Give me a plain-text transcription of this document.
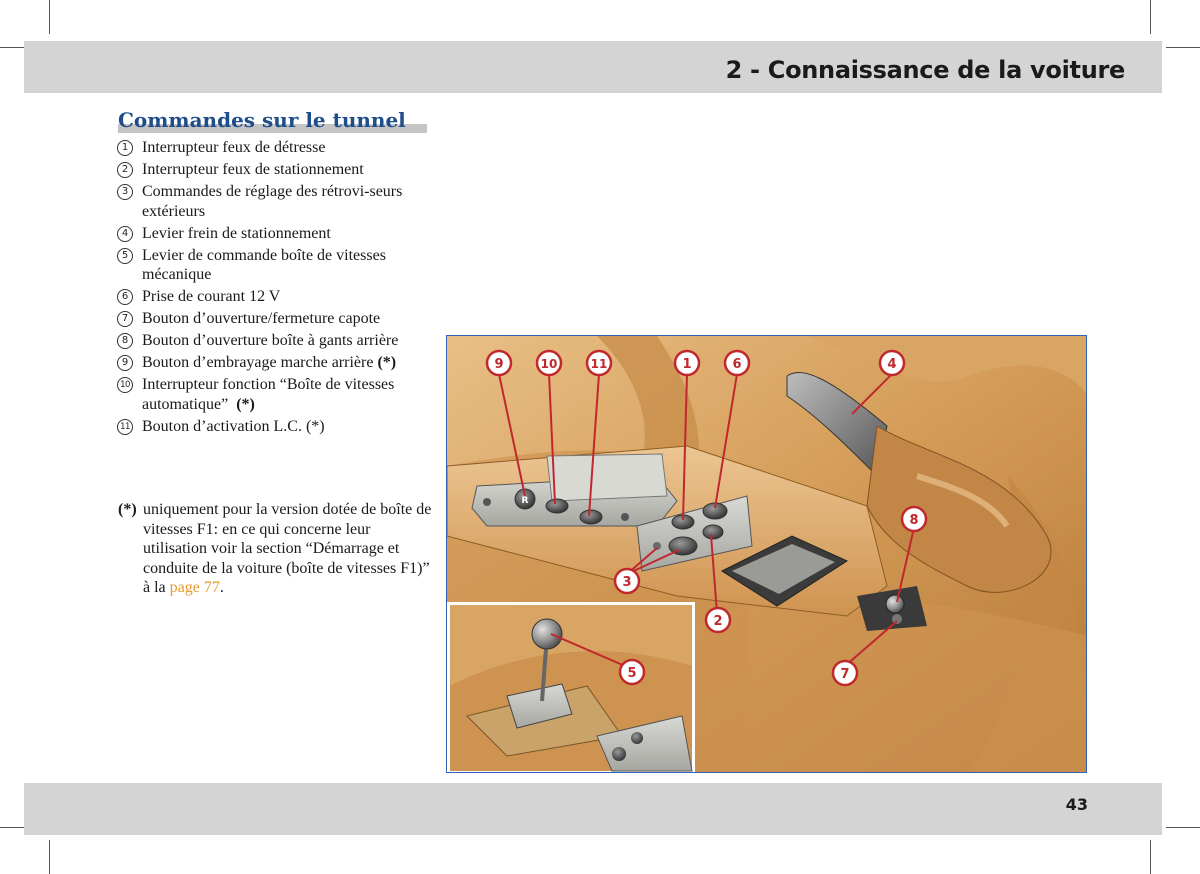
2 - Connaissance de la voiture
Commandes sur le tunnel
1 Interrupteur feux de détresse
2 Interrupteur feux de stationnement
3 Commandes de réglage des rétrovi-seurs extérieurs
4 Levier frein de stationnement
5 Levier de commande boîte de vitesses mécanique
6 Prise de courant 12 V
7 Bouton d’ouverture/fermeture capote
8 Bouton d’ouverture boîte à gants arrière
9 Bouton d’embrayage marche arrière (*)
10 Interrupteur fonction “Boîte de vitesses automatique” (*)
11 Bouton d’activation L.C. (*)
(*) uniquement pour la version dotée de boîte de vitesses F1: en ce qui concerne leur utilisation voir la section “Démarrage et conduite de la voiture (boîte de vitesses F1)” à la page 77.
R
9	10	11	1	6	4
8
3
2
5	7
43
